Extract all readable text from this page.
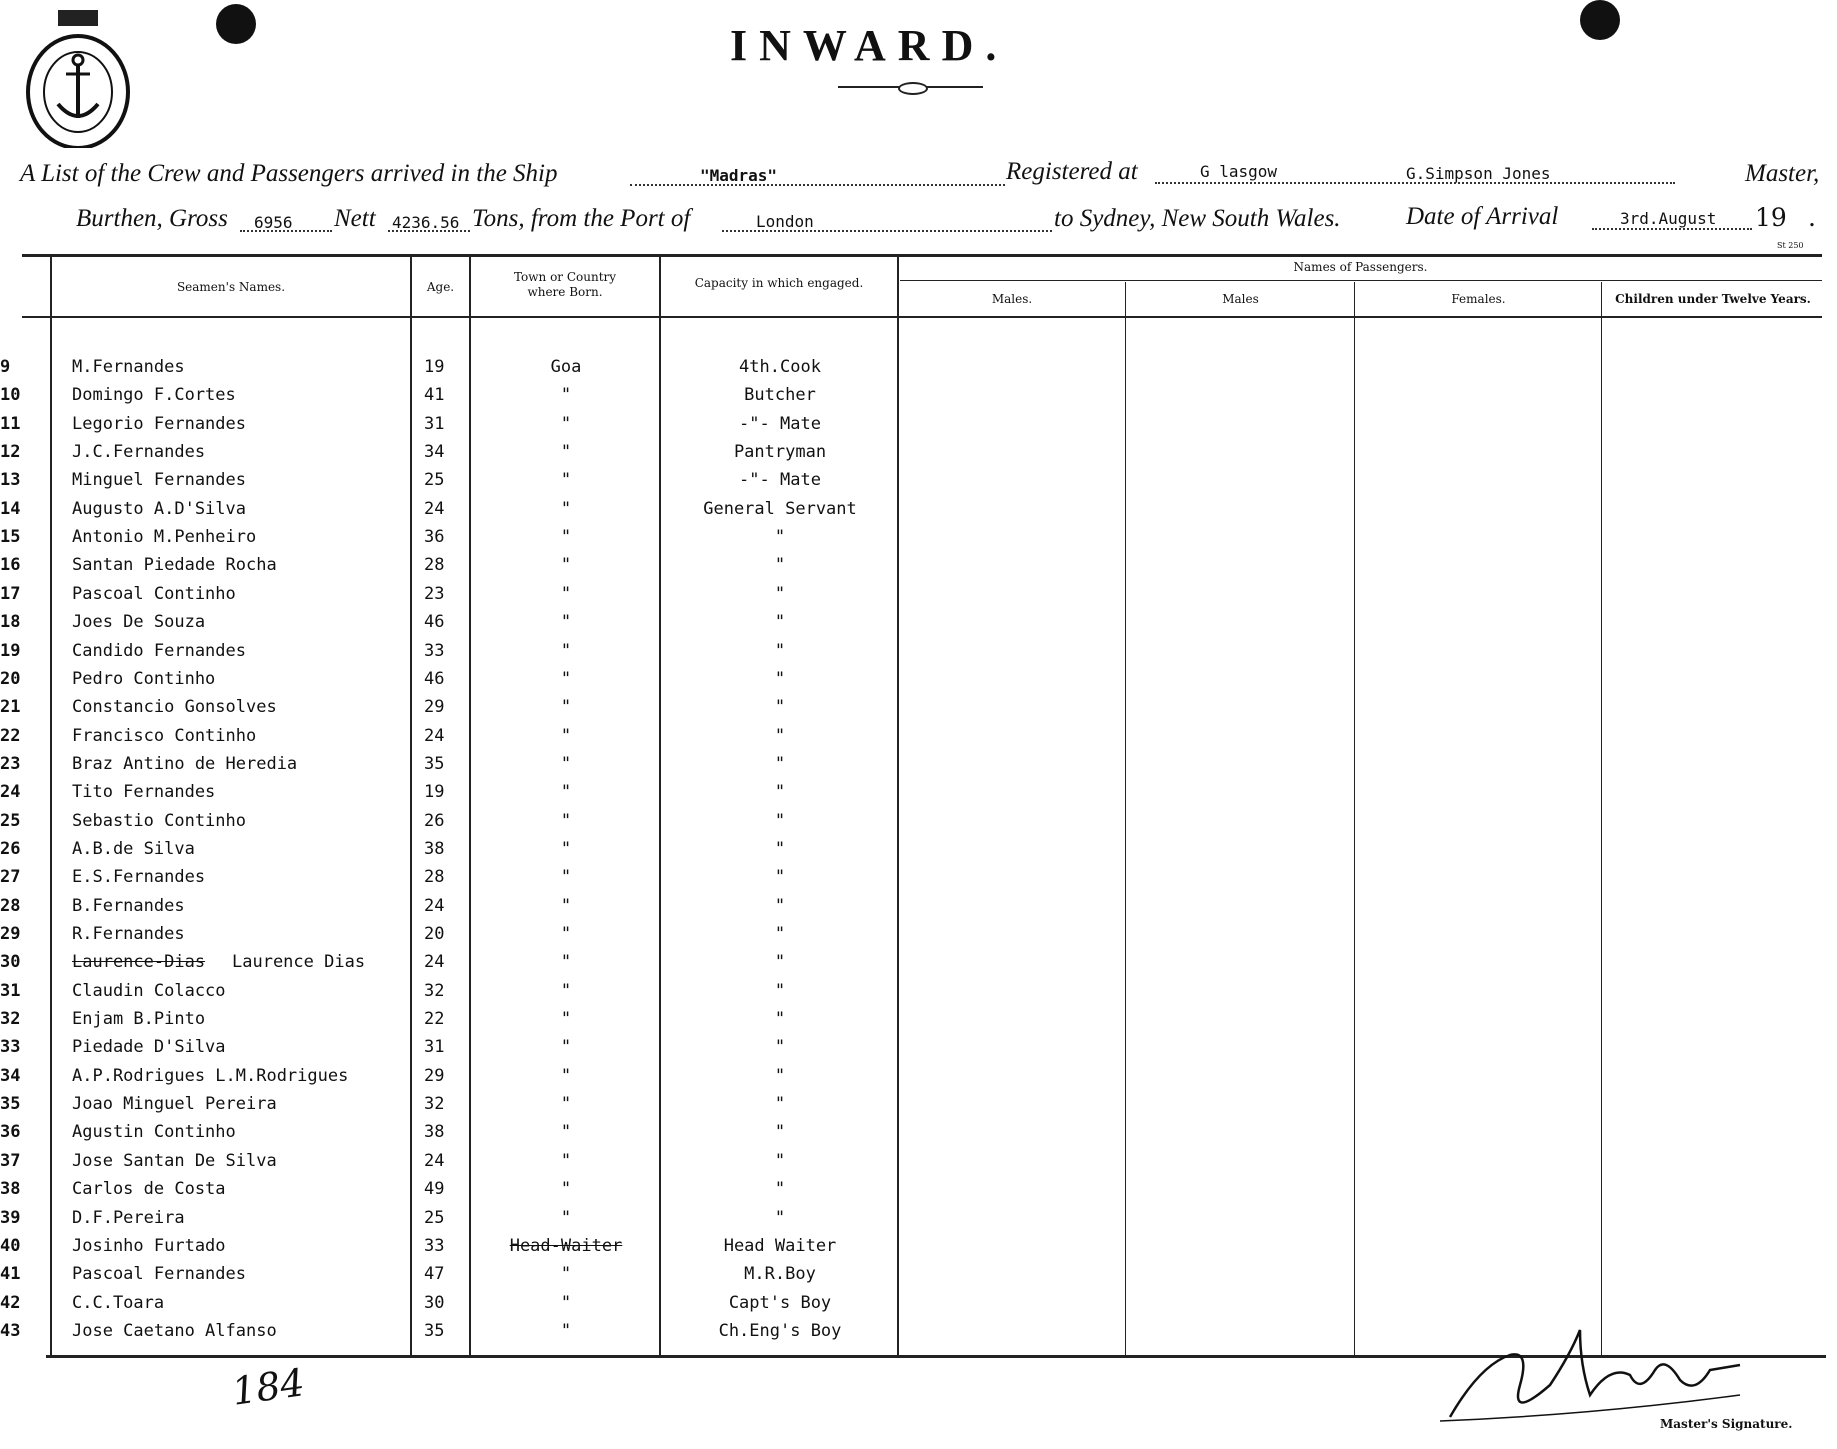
INWARD.
A List of the Crew and Passengers arrived in the Ship	"Madras"	Registered at	G lasgow	G.Simpson Jones	Master,
Burthen, Gross 6956 Nett 4236.56 Tons, from the Port of	London	to Sydney, New South Wales.	Date of Arrival	3rd.August 19 .
St 250
Seamen's Names.	Age.
Town or Country
where Born.
Capacity in which engaged.
Names of Passengers.
Males.	Males	Females.	Children under Twelve Years.
9	M.Fernandes	19	Goa	4th.Cook
10	Domingo F.Cortes	41	"	Butcher
11	Legorio Fernandes	31	"	-"- Mate
12	J.C.Fernandes	34	"	Pantryman
13	Minguel Fernandes	25	"	-"- Mate
14	Augusto A.D'Silva	24	"	General Servant
15	Antonio M.Penheiro	36	"	"
16	Santan Piedade Rocha	28	"	"
17	Pascoal Continho	23	"	"
18	Joes De Souza	46	"	"
19	Candido Fernandes	33	"	"
20	Pedro Continho	46	"	"
21	Constancio Gonsolves	29	"	"
22	Francisco Continho	24	"	"
23	Braz Antino de Heredia	35	"	"
24	Tito Fernandes	19	"	"
25	Sebastio Continho	26	"	"
26	A.B.de Silva	38	"	"
27	E.S.Fernandes	28	"	"
28	B.Fernandes	24	"	"
29	R.Fernandes	20	"	"
30	Laurence-Dias Laurence Dias	24	"	"
31	Claudin Colacco	32	"	"
32	Enjam B.Pinto	22	"	"
33	Piedade D'Silva	31	"	"
34	A.P.Rodrigues L.M.Rodrigues	29	"	"
35	Joao Minguel Pereira	32	"	"
36	Agustin Continho	38	"	"
37	Jose Santan De Silva	24	"	"
38	Carlos de Costa	49	"	"
39	D.F.Pereira	25	"	"
40	Josinho Furtado	33	Head-Waiter	Head Waiter
41	Pascoal Fernandes	47	"	M.R.Boy
42	C.C.Toara	30	"	Capt's Boy
43	Jose Caetano Alfanso	35	"	Ch.Eng's Boy
184
Master's Signature.
